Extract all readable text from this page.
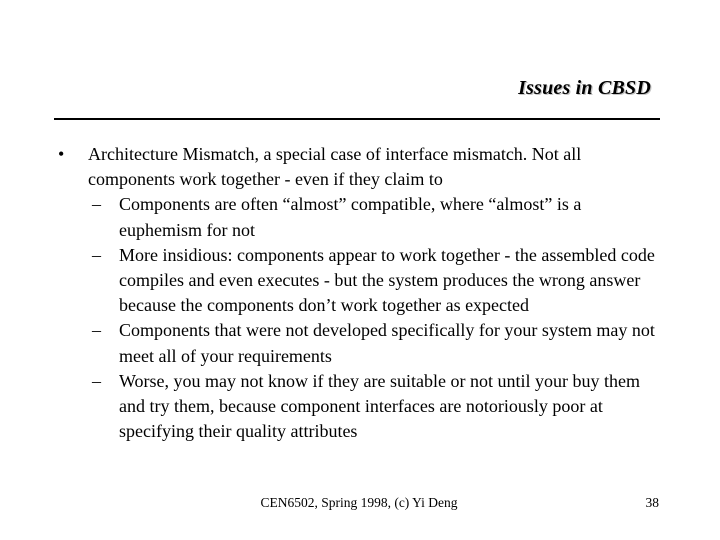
Issues in CBSD
• Architecture Mismatch, a special case of interface mismatch. Not all components work together - even if they claim to
– Components are often “almost” compatible, where “almost” is a euphemism for not
– More insidious: components appear to work together - the assembled code compiles and even executes - but the system produces the wrong answer because the components don’t work together as expected
– Components that were not developed specifically for your system may not meet all of your requirements
– Worse, you may not know if they are suitable or not until your buy them and try them, because component interfaces are notoriously poor at specifying their quality attributes
CEN6502, Spring 1998, (c) Yi Deng	38
